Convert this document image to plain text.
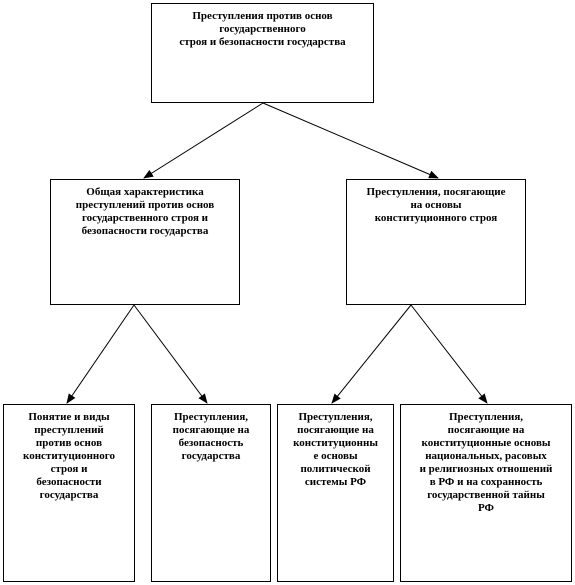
Преступления против основ государственного
строя и безопасности государства
Общая характеристика
преступлений против основ
государственного строя и
безопасности государства
Преступления, посягающие
на основы
конституционного строя
Понятие и виды
преступлений
против основ
конституционного
строя и
безопасности
государства
Преступления,
посягающие на
безопасность
государства
Преступления,
посягающие на
конституционны
е основы
политической
системы РФ
Преступления,
посягающие на
конституционные основы
национальных, расовых
и религиозных отношений
в РФ и на сохранность
государственной тайны
РФ
